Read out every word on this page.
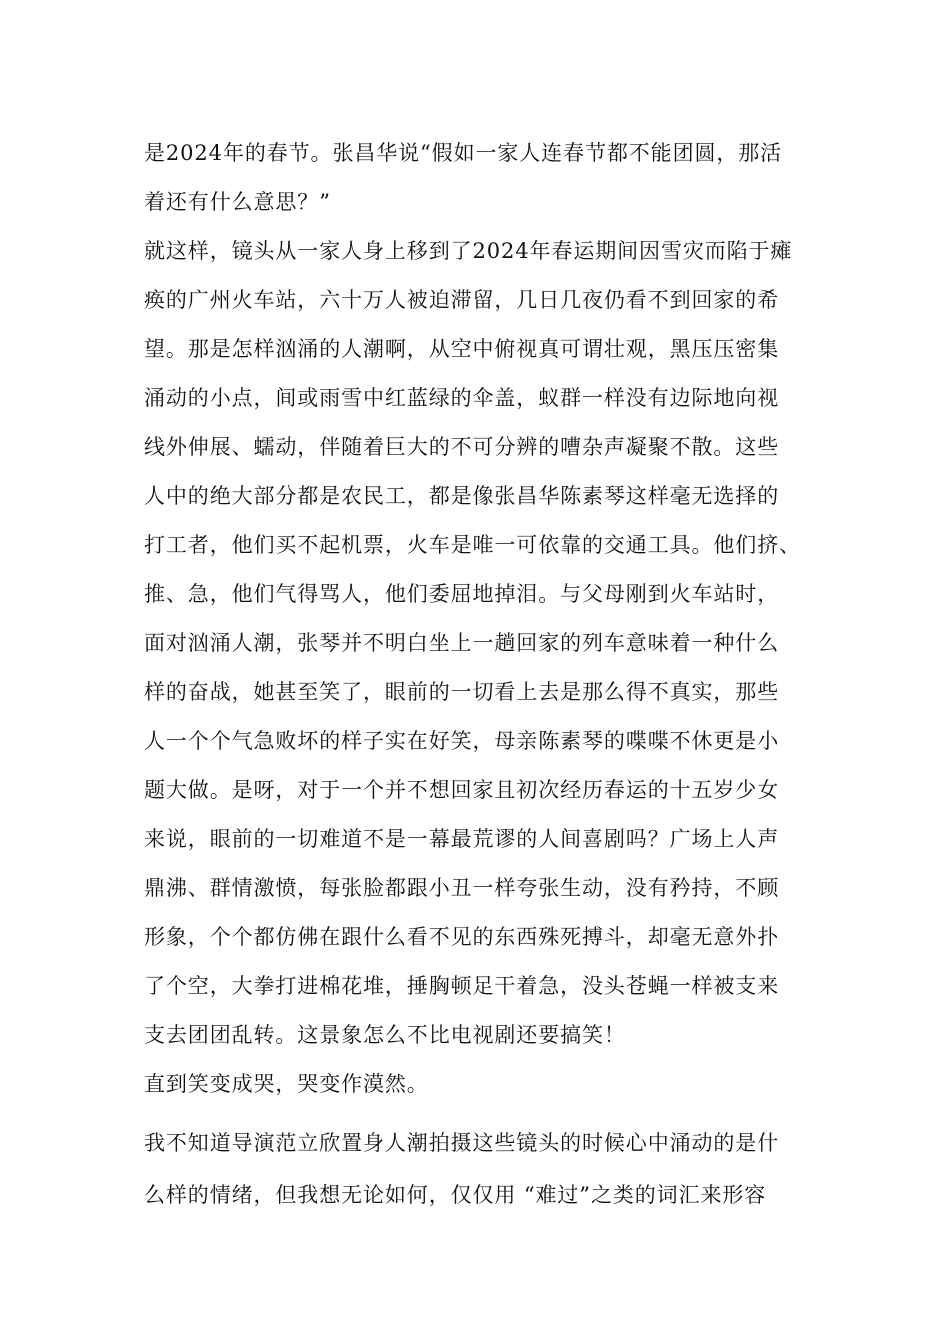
是2024年的春节。张昌华说“假如一家人连春节都不能团圆，那活
着还有什么意思？”
就这样，镜头从一家人身上移到了2024年春运期间因雪灾而陷于瘫
痪的广州火车站，六十万人被迫滞留，几日几夜仍看不到回家的希
望。那是怎样汹涌的人潮啊，从空中俯视真可谓壮观，黑压压密集
涌动的小点，间或雨雪中红蓝绿的伞盖，蚁群一样没有边际地向视
线外伸展、蠕动，伴随着巨大的不可分辨的嘈杂声凝聚不散。这些
人中的绝大部分都是农民工，都是像张昌华陈素琴这样毫无选择的
打工者，他们买不起机票，火车是唯一可依靠的交通工具。他们挤、
推、急，他们气得骂人，他们委屈地掉泪。与父母刚到火车站时，
面对汹涌人潮，张琴并不明白坐上一趟回家的列车意味着一种什么
样的奋战，她甚至笑了，眼前的一切看上去是那么得不真实，那些
人一个个气急败坏的样子实在好笑，母亲陈素琴的喋喋不休更是小
题大做。是呀，对于一个并不想回家且初次经历春运的十五岁少女
来说，眼前的一切难道不是一幕最荒谬的人间喜剧吗？广场上人声
鼎沸、群情激愤，每张脸都跟小丑一样夸张生动，没有矜持，不顾
形象，个个都仿佛在跟什么看不见的东西殊死搏斗，却毫无意外扑
了个空，大拳打进棉花堆，捶胸顿足干着急，没头苍蝇一样被支来
支去团团乱转。这景象怎么不比电视剧还要搞笑！
直到笑变成哭，哭变作漠然。
我不知道导演范立欣置身人潮拍摄这些镜头的时候心中涌动的是什
么样的情绪，但我想无论如何，仅仅用 “难过”之类的词汇来形容
